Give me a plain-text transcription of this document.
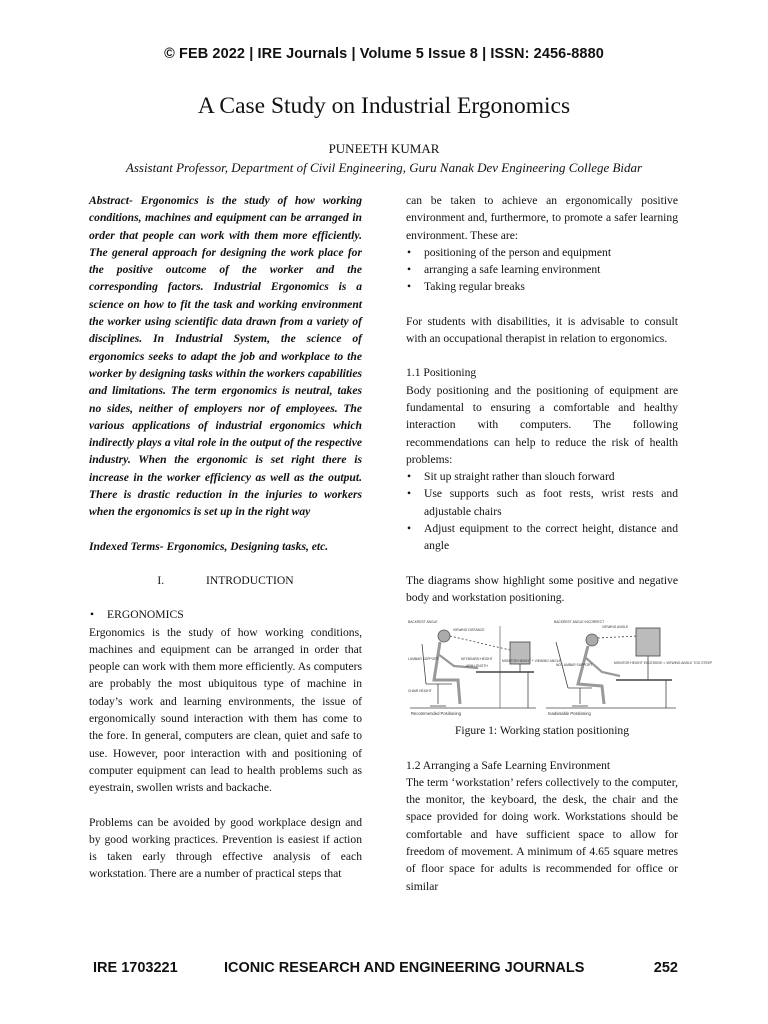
© FEB 2022 | IRE Journals | Volume 5 Issue 8 | ISSN: 2456-8880
A Case Study on Industrial Ergonomics
PUNEETH KUMAR
Assistant Professor, Department of Civil Engineering, Guru Nanak Dev Engineering College Bidar

Abstract- Ergonomics is the study of how working conditions, machines and equipment can be arranged in order that people can work with them more efficiently. The general approach for designing the work place for the positive outcome of the worker and the corresponding factors. Industrial Ergonomics is a science on how to fit the task and working environment the worker using scientific data drawn from a variety of disciplines. In Industrial System, the science of ergonomics seeks to adapt the job and workplace to the worker by designing tasks within the workers capabilities and limitations. The term ergonomics is neutral, takes no sides, neither of employers nor of employees. The various applications of industrial ergonomics which indirectly plays a vital role in the output of the respective industry. When the ergonomic is set right there is increase in the worker efficiency as well as the output. There is drastic reduction in the injuries to workers when the ergonomics is set up in the right way

Indexed Terms- Ergonomics, Designing tasks, etc.

I.	INTRODUCTION

• ERGONOMICS

Ergonomics is the study of how working conditions, machines and equipment can be arranged in order that people can work with them more efficiently. As computers are probably the most ubiquitous type of machine in today’s work and learning environments, the issue of ergonomically sound interaction with them has come to the fore. In general, computers are clean, quiet and safe to use. However, poor interaction with and positioning of computer equipment can lead to health problems such as eyestrain, swollen wrists and backache.

Problems can be avoided by good workplace design and by good working practices. Prevention is easiest if action is taken early through effective analysis of each workstation. There are a number of practical steps that

can be taken to achieve an ergonomically positive environment and, furthermore, to promote a safer learning environment. These are:

• positioning of the person and equipment
• arranging a safe learning environment
• Taking regular breaks

For students with disabilities, it is advisable to consult with an occupational therapist in relation to ergonomics.

1.1 Positioning

Body positioning and the positioning of equipment are fundamental to ensuring a comfortable and healthy interaction with computers. The following recommendations can help to reduce the risk of health problems:

• Sit up straight rather than slouch forward
• Use supports such as foot rests, wrist rests and adjustable chairs
• Adjust equipment to the correct height, distance and angle

The diagrams show highlight some positive and negative body and workstation positioning.

BACKREST ANGLE
VIEWING DISTANCE
LUMBAR SUPPORT	KEYBOARD HEIGHT
ARM LENGTH
MONITOR HEIGHT + VIEWING ANGLE
CHAIR HEIGHT
Recommended Positioning
BACKREST ANGLE INCORRECT
VIEWING ANGLE
NO LUMBAR SUPPORT	MONITOR HEIGHT EXCESSIVE = VIEWING ANGLE TOO STEEP
Inadvisable Positioning

Figure 1: Working station positioning

1.2 Arranging a Safe Learning Environment

The term ‘workstation’ refers collectively to the computer, the monitor, the keyboard, the desk, the chair and the space provided for doing work. Workstations should be comfortable and have sufficient space to allow for freedom of movement. A minimum of 4.65 square metres of floor space for adults is recommended for office or similar

IRE 1703221	ICONIC RESEARCH AND ENGINEERING JOURNALS	252
